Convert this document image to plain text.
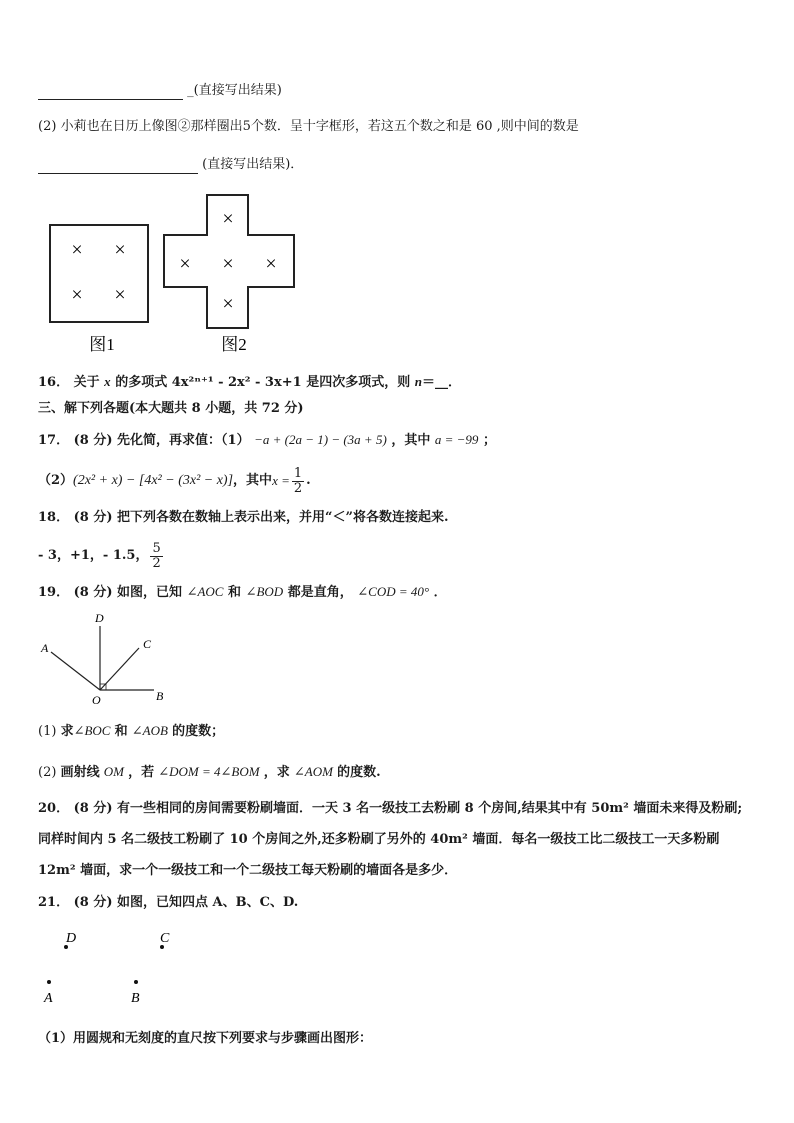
_(直接写出结果)
(2) 小莉也在日历上像图②那样圈出5个数．呈十字框形，若这五个数之和是 60 ,则中间的数是
(直接写出结果)．
× ×
× ×
×
× × ×
×
图1	图2
16． 关于 x 的多项式 4x²ⁿ⁺¹ - 2x² - 3x+1 是四次多项式，则 n＝__．
三、解下列各题(本大题共 8 小题，共 72 分)
17． (8 分) 先化简，再求值：（1） −a + (2a − 1) − (3a + 5) ，其中 a = −99 ；
（2） (2x² + x) − [4x² − (3x² − x)] ，其中 $x = \frac{1}{2}$ .
18． (8 分) 把下列各数在数轴上表示出来，并用“＜”将各数连接起来.
- 3，+1，- 1.5， $\frac{5}{2}$
19． (8 分) 如图，已知 ∠AOC 和 ∠BOD 都是直角， ∠COD = 40° ．
D
A	C
B
O
(1) 求∠BOC 和 ∠AOB 的度数；
(2) 画射线 OM ，若 ∠DOM = 4∠BOM ，求 ∠AOM 的度数.
20． (8 分) 有一些相同的房间需要粉刷墙面．一天 3 名一级技工去粉刷 8 个房间,结果其中有 50m² 墙面未来得及粉刷;
同样时间内 5 名二级技工粉刷了 10 个房间之外,还多粉刷了另外的 40m² 墙面．每名一级技工比二级技工一天多粉刷
12m² 墙面，求一个一级技工和一个二级技工每天粉刷的墙面各是多少．
21． (8 分) 如图，已知四点 A、B、C、D.
D	C
A	B
（1）用圆规和无刻度的直尺按下列要求与步骤画出图形：
